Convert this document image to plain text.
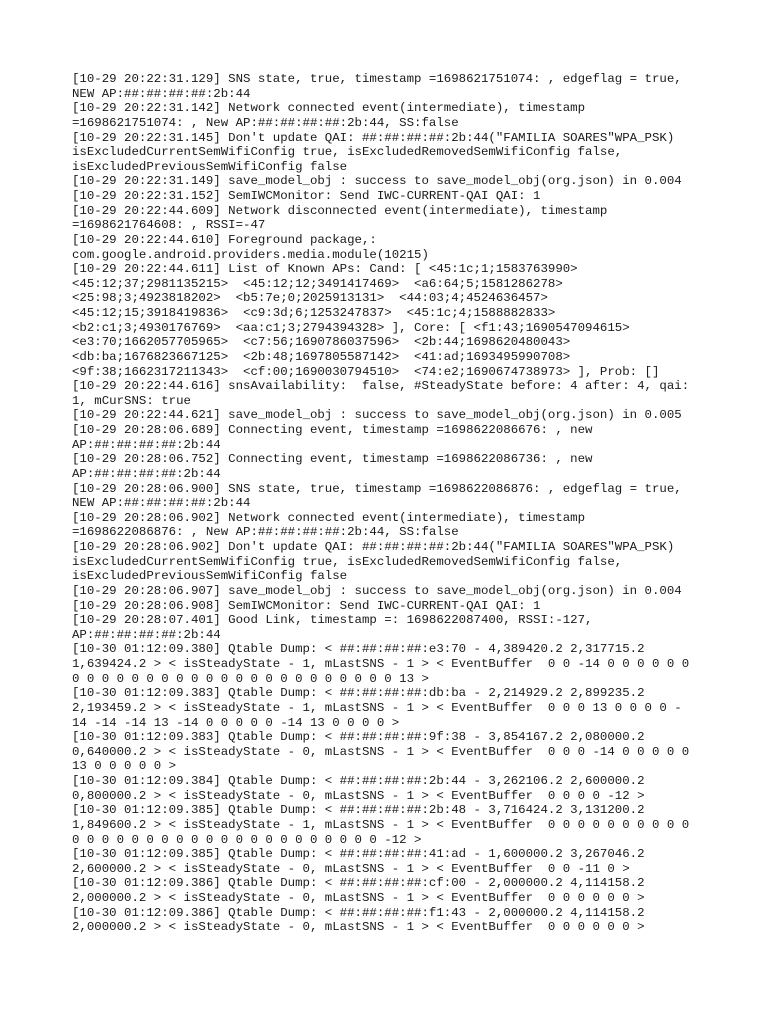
[10-29 20:22:31.129] SNS state, true, timestamp =1698621751074: , edgeflag = true,
NEW AP:##:##:##:##:2b:44
[10-29 20:22:31.142] Network connected event(intermediate), timestamp
=1698621751074: , New AP:##:##:##:##:2b:44, SS:false
[10-29 20:22:31.145] Don't update QAI: ##:##:##:##:2b:44("FAMILIA SOARES"WPA_PSK)
isExcludedCurrentSemWifiConfig true, isExcludedRemovedSemWifiConfig false,
isExcludedPreviousSemWifiConfig false
[10-29 20:22:31.149] save_model_obj : success to save_model_obj(org.json) in 0.004
[10-29 20:22:31.152] SemIWCMonitor: Send IWC-CURRENT-QAI QAI: 1
[10-29 20:22:44.609] Network disconnected event(intermediate), timestamp
=1698621764608: , RSSI=-47
[10-29 20:22:44.610] Foreground package,:
com.google.android.providers.media.module(10215)
[10-29 20:22:44.611] List of Known APs: Cand: [ <45:1c;1;1583763990>
<45:12;37;2981135215>  <45:12;12;3491417469>  <a6:64;5;1581286278>
<25:98;3;4923818202>  <b5:7e;0;2025913131>  <44:03;4;4524636457>
<45:12;15;3918419836>  <c9:3d;6;1253247837>  <45:1c;4;1588882833>
<b2:c1;3;4930176769>  <aa:c1;3;2794394328> ], Core: [ <f1:43;1690547094615>
<e3:70;1662057705965>  <c7:56;1690786037596>  <2b:44;1698620480043>
<db:ba;1676823667125>  <2b:48;1697805587142>  <41:ad;1693495990708>
<9f:38;1662317211343>  <cf:00;1690030794510>  <74:e2;1690674738973> ], Prob: []
[10-29 20:22:44.616] snsAvailability:  false, #SteadyState before: 4 after: 4, qai:
1, mCurSNS: true
[10-29 20:22:44.621] save_model_obj : success to save_model_obj(org.json) in 0.005
[10-29 20:28:06.689] Connecting event, timestamp =1698622086676: , new
AP:##:##:##:##:2b:44
[10-29 20:28:06.752] Connecting event, timestamp =1698622086736: , new
AP:##:##:##:##:2b:44
[10-29 20:28:06.900] SNS state, true, timestamp =1698622086876: , edgeflag = true,
NEW AP:##:##:##:##:2b:44
[10-29 20:28:06.902] Network connected event(intermediate), timestamp
=1698622086876: , New AP:##:##:##:##:2b:44, SS:false
[10-29 20:28:06.902] Don't update QAI: ##:##:##:##:2b:44("FAMILIA SOARES"WPA_PSK)
isExcludedCurrentSemWifiConfig true, isExcludedRemovedSemWifiConfig false,
isExcludedPreviousSemWifiConfig false
[10-29 20:28:06.907] save_model_obj : success to save_model_obj(org.json) in 0.004
[10-29 20:28:06.908] SemIWCMonitor: Send IWC-CURRENT-QAI QAI: 1
[10-29 20:28:07.401] Good Link, timestamp =: 1698622087400, RSSI:-127,
AP:##:##:##:##:2b:44
[10-30 01:12:09.380] Qtable Dump: < ##:##:##:##:e3:70 - 4,389420.2 2,317715.2
1,639424.2 > < isSteadyState - 1, mLastSNS - 1 > < EventBuffer  0 0 -14 0 0 0 0 0 0
0 0 0 0 0 0 0 0 0 0 0 0 0 0 0 0 0 0 0 0 0 0 13 >
[10-30 01:12:09.383] Qtable Dump: < ##:##:##:##:db:ba - 2,214929.2 2,899235.2
2,193459.2 > < isSteadyState - 1, mLastSNS - 1 > < EventBuffer  0 0 0 13 0 0 0 0 -
14 -14 -14 13 -14 0 0 0 0 0 -14 13 0 0 0 0 >
[10-30 01:12:09.383] Qtable Dump: < ##:##:##:##:9f:38 - 3,854167.2 2,080000.2
0,640000.2 > < isSteadyState - 0, mLastSNS - 1 > < EventBuffer  0 0 0 -14 0 0 0 0 0
13 0 0 0 0 0 >
[10-30 01:12:09.384] Qtable Dump: < ##:##:##:##:2b:44 - 3,262106.2 2,600000.2
0,800000.2 > < isSteadyState - 0, mLastSNS - 1 > < EventBuffer  0 0 0 0 -12 >
[10-30 01:12:09.385] Qtable Dump: < ##:##:##:##:2b:48 - 3,716424.2 3,131200.2
1,849600.2 > < isSteadyState - 1, mLastSNS - 1 > < EventBuffer  0 0 0 0 0 0 0 0 0 0
0 0 0 0 0 0 0 0 0 0 0 0 0 0 0 0 0 0 0 0 0 -12 >
[10-30 01:12:09.385] Qtable Dump: < ##:##:##:##:41:ad - 1,600000.2 3,267046.2
2,600000.2 > < isSteadyState - 0, mLastSNS - 1 > < EventBuffer  0 0 -11 0 >
[10-30 01:12:09.386] Qtable Dump: < ##:##:##:##:cf:00 - 2,000000.2 4,114158.2
2,000000.2 > < isSteadyState - 0, mLastSNS - 1 > < EventBuffer  0 0 0 0 0 0 >
[10-30 01:12:09.386] Qtable Dump: < ##:##:##:##:f1:43 - 2,000000.2 4,114158.2
2,000000.2 > < isSteadyState - 0, mLastSNS - 1 > < EventBuffer  0 0 0 0 0 0 >
